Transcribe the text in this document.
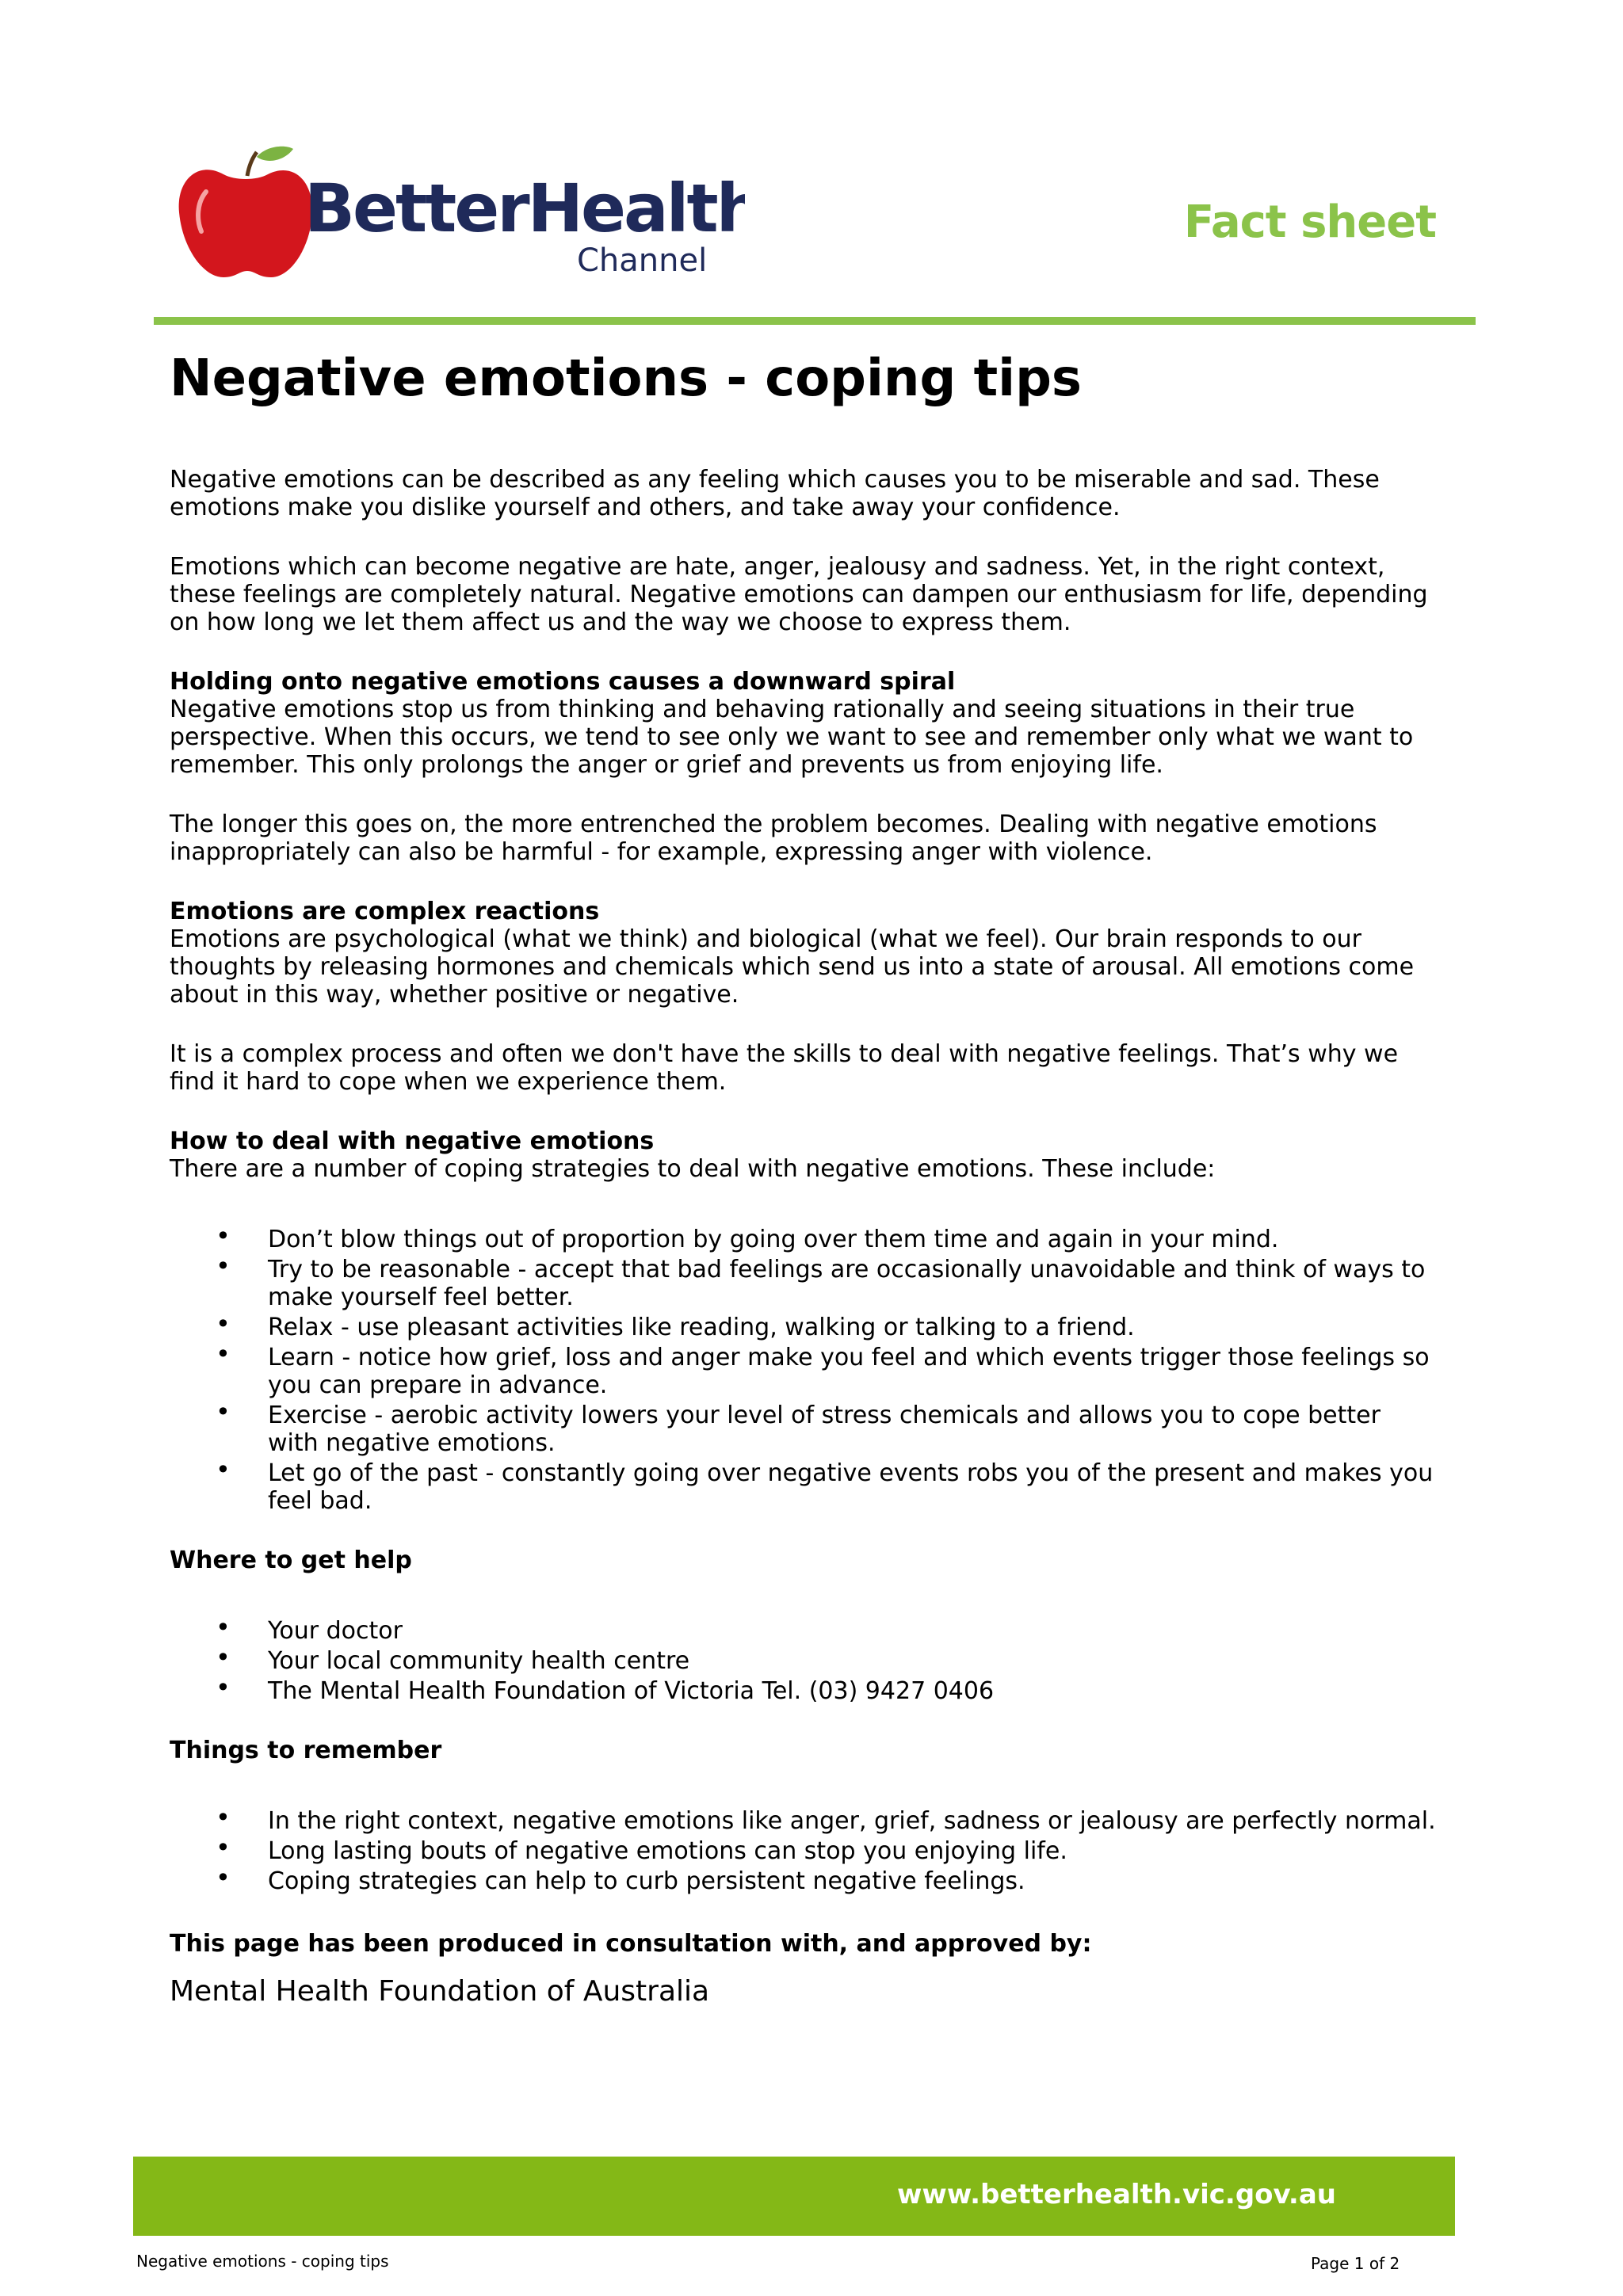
BetterHealth
Channel
Fact sheet
Negative emotions - coping tips

Negative emotions can be described as any feeling which causes you to be miserable and sad. These emotions make you dislike yourself and others, and take away your confidence.

Emotions which can become negative are hate, anger, jealousy and sadness. Yet, in the right context, these feelings are completely natural. Negative emotions can dampen our enthusiasm for life, depending on how long we let them affect us and the way we choose to express them.

Holding onto negative emotions causes a downward spiral

Negative emotions stop us from thinking and behaving rationally and seeing situations in their true perspective. When this occurs, we tend to see only we want to see and remember only what we want to remember. This only prolongs the anger or grief and prevents us from enjoying life.

The longer this goes on, the more entrenched the problem becomes. Dealing with negative emotions inappropriately can also be harmful - for example, expressing anger with violence.

Emotions are complex reactions

Emotions are psychological (what we think) and biological (what we feel). Our brain responds to our thoughts by releasing hormones and chemicals which send us into a state of arousal. All emotions come about in this way, whether positive or negative.

It is a complex process and often we don't have the skills to deal with negative feelings. That’s why we find it hard to cope when we experience them.

How to deal with negative emotions

There are a number of coping strategies to deal with negative emotions. These include:

• Don’t blow things out of proportion by going over them time and again in your mind.
• Try to be reasonable - accept that bad feelings are occasionally unavoidable and think of ways to make yourself feel better.
• Relax - use pleasant activities like reading, walking or talking to a friend.
• Learn - notice how grief, loss and anger make you feel and which events trigger those feelings so you can prepare in advance.
• Exercise - aerobic activity lowers your level of stress chemicals and allows you to cope better with negative emotions.
• Let go of the past - constantly going over negative events robs you of the present and makes you feel bad.

Where to get help

• Your doctor
• Your local community health centre
• The Mental Health Foundation of Victoria Tel. (03) 9427 0406

Things to remember

• In the right context, negative emotions like anger, grief, sadness or jealousy are perfectly normal.
• Long lasting bouts of negative emotions can stop you enjoying life.
• Coping strategies can help to curb persistent negative feelings.

This page has been produced in consultation with, and approved by:

Mental Health Foundation of Australia

www.betterhealth.vic.gov.au
Negative emotions - coping tips	Page 1 of 2
